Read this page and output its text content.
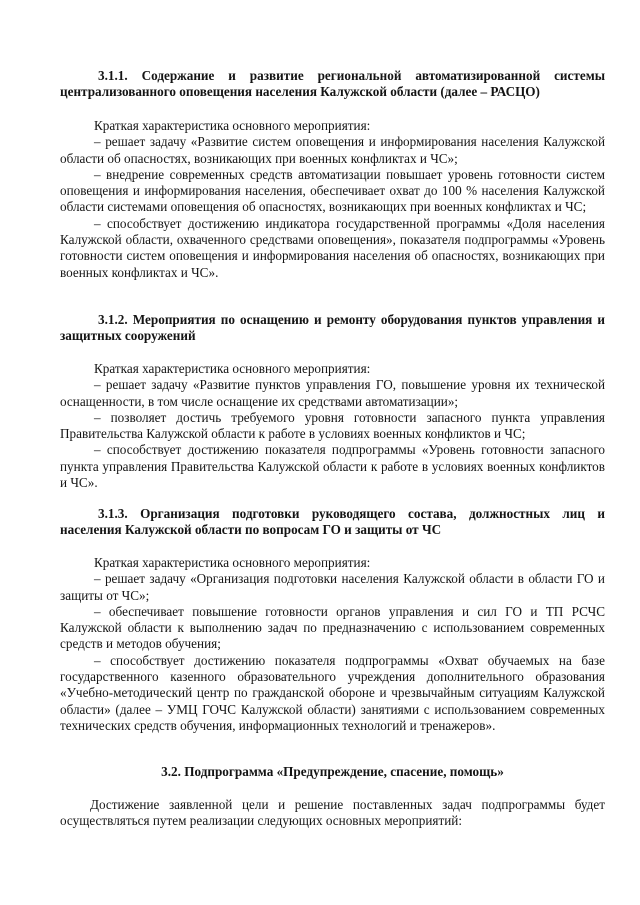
3.1.1. Содержание и развитие региональной автоматизированной системы централизованного оповещения населения Калужской области (далее – РАСЦО)

Краткая характеристика основного мероприятия:

– решает задачу «Развитие систем оповещения и информирования населения Калужской области об опасностях, возникающих при военных конфликтах и ЧС»;

– внедрение современных средств автоматизации повышает уровень готовности систем оповещения и информирования населения, обеспечивает охват до 100 % населения Калужской области системами оповещения об опасностях, возникающих при военных конфликтах и ЧС;

– способствует достижению индикатора государственной программы «Доля населения Калужской области, охваченного средствами оповещения», показателя подпрограммы «Уровень готовности систем оповещения и информирования населения об опасностях, возникающих при военных конфликтах и ЧС».

3.1.2. Мероприятия по оснащению и ремонту оборудования пунктов управления и защитных сооружений

Краткая характеристика основного мероприятия:

– решает задачу «Развитие пунктов управления ГО, повышение уровня их технической оснащенности, в том числе оснащение их средствами автоматизации»;

– позволяет достичь требуемого уровня готовности запасного пункта управления Правительства Калужской области к работе в условиях военных конфликтов и ЧС;

– способствует достижению показателя подпрограммы «Уровень готовности запасного пункта управления Правительства Калужской области к работе в условиях военных конфликтов и ЧС».

3.1.3. Организация подготовки руководящего состава, должностных лиц и населения Калужской области по вопросам ГО и защиты от ЧС

Краткая характеристика основного мероприятия:

– решает задачу «Организация подготовки населения Калужской области в области ГО и защиты от ЧС»;

– обеспечивает повышение готовности органов управления и сил ГО и ТП РСЧС Калужской области к выполнению задач по предназначению с использованием современных средств и методов обучения;

– способствует достижению показателя подпрограммы «Охват обучаемых на базе государственного казенного образовательного учреждения дополнительного образования «Учебно-методический центр по гражданской обороне и чрезвычайным ситуациям Калужской области» (далее – УМЦ ГОЧС Калужской области) занятиями с использованием современных технических средств обучения, информационных технологий и тренажеров».

3.2. Подпрограмма «Предупреждение, спасение, помощь»

Достижение заявленной цели и решение поставленных задач подпрограммы будет осуществляться путем реализации следующих основных мероприятий:
